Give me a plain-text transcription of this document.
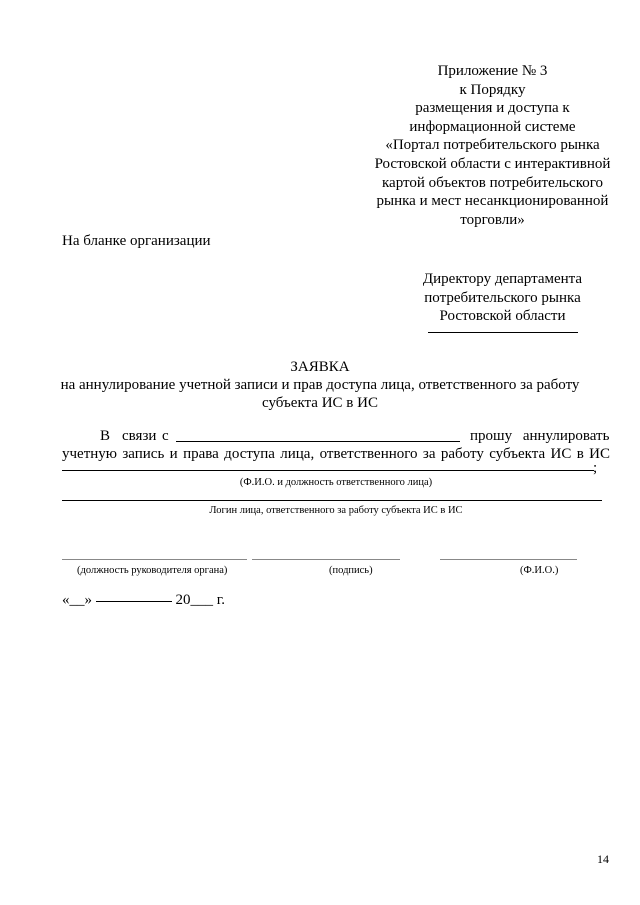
Приложение № 3
к Порядку
размещения и доступа к
информационной системе
«Портал потребительского рынка
Ростовской области с интерактивной
картой объектов потребительского
рынка и мест несанкционированной
торговли»
На бланке организации
Директору департамента
потребительского рынка
Ростовской области
ЗАЯВКА
на аннулирование учетной записи и прав доступа лица, ответственного за работу
субъекта ИС в ИС
В связи с	прошу аннулировать
учетную запись и права доступа лица, ответственного за работу субъекта ИС в ИС
;
(Ф.И.О. и должность ответственного лица)
Логин лица, ответственного за работу субъекта ИС в ИС
(должность руководителя органа)	(подпись)	(Ф.И.О.)
«__»	20___ г.
14
